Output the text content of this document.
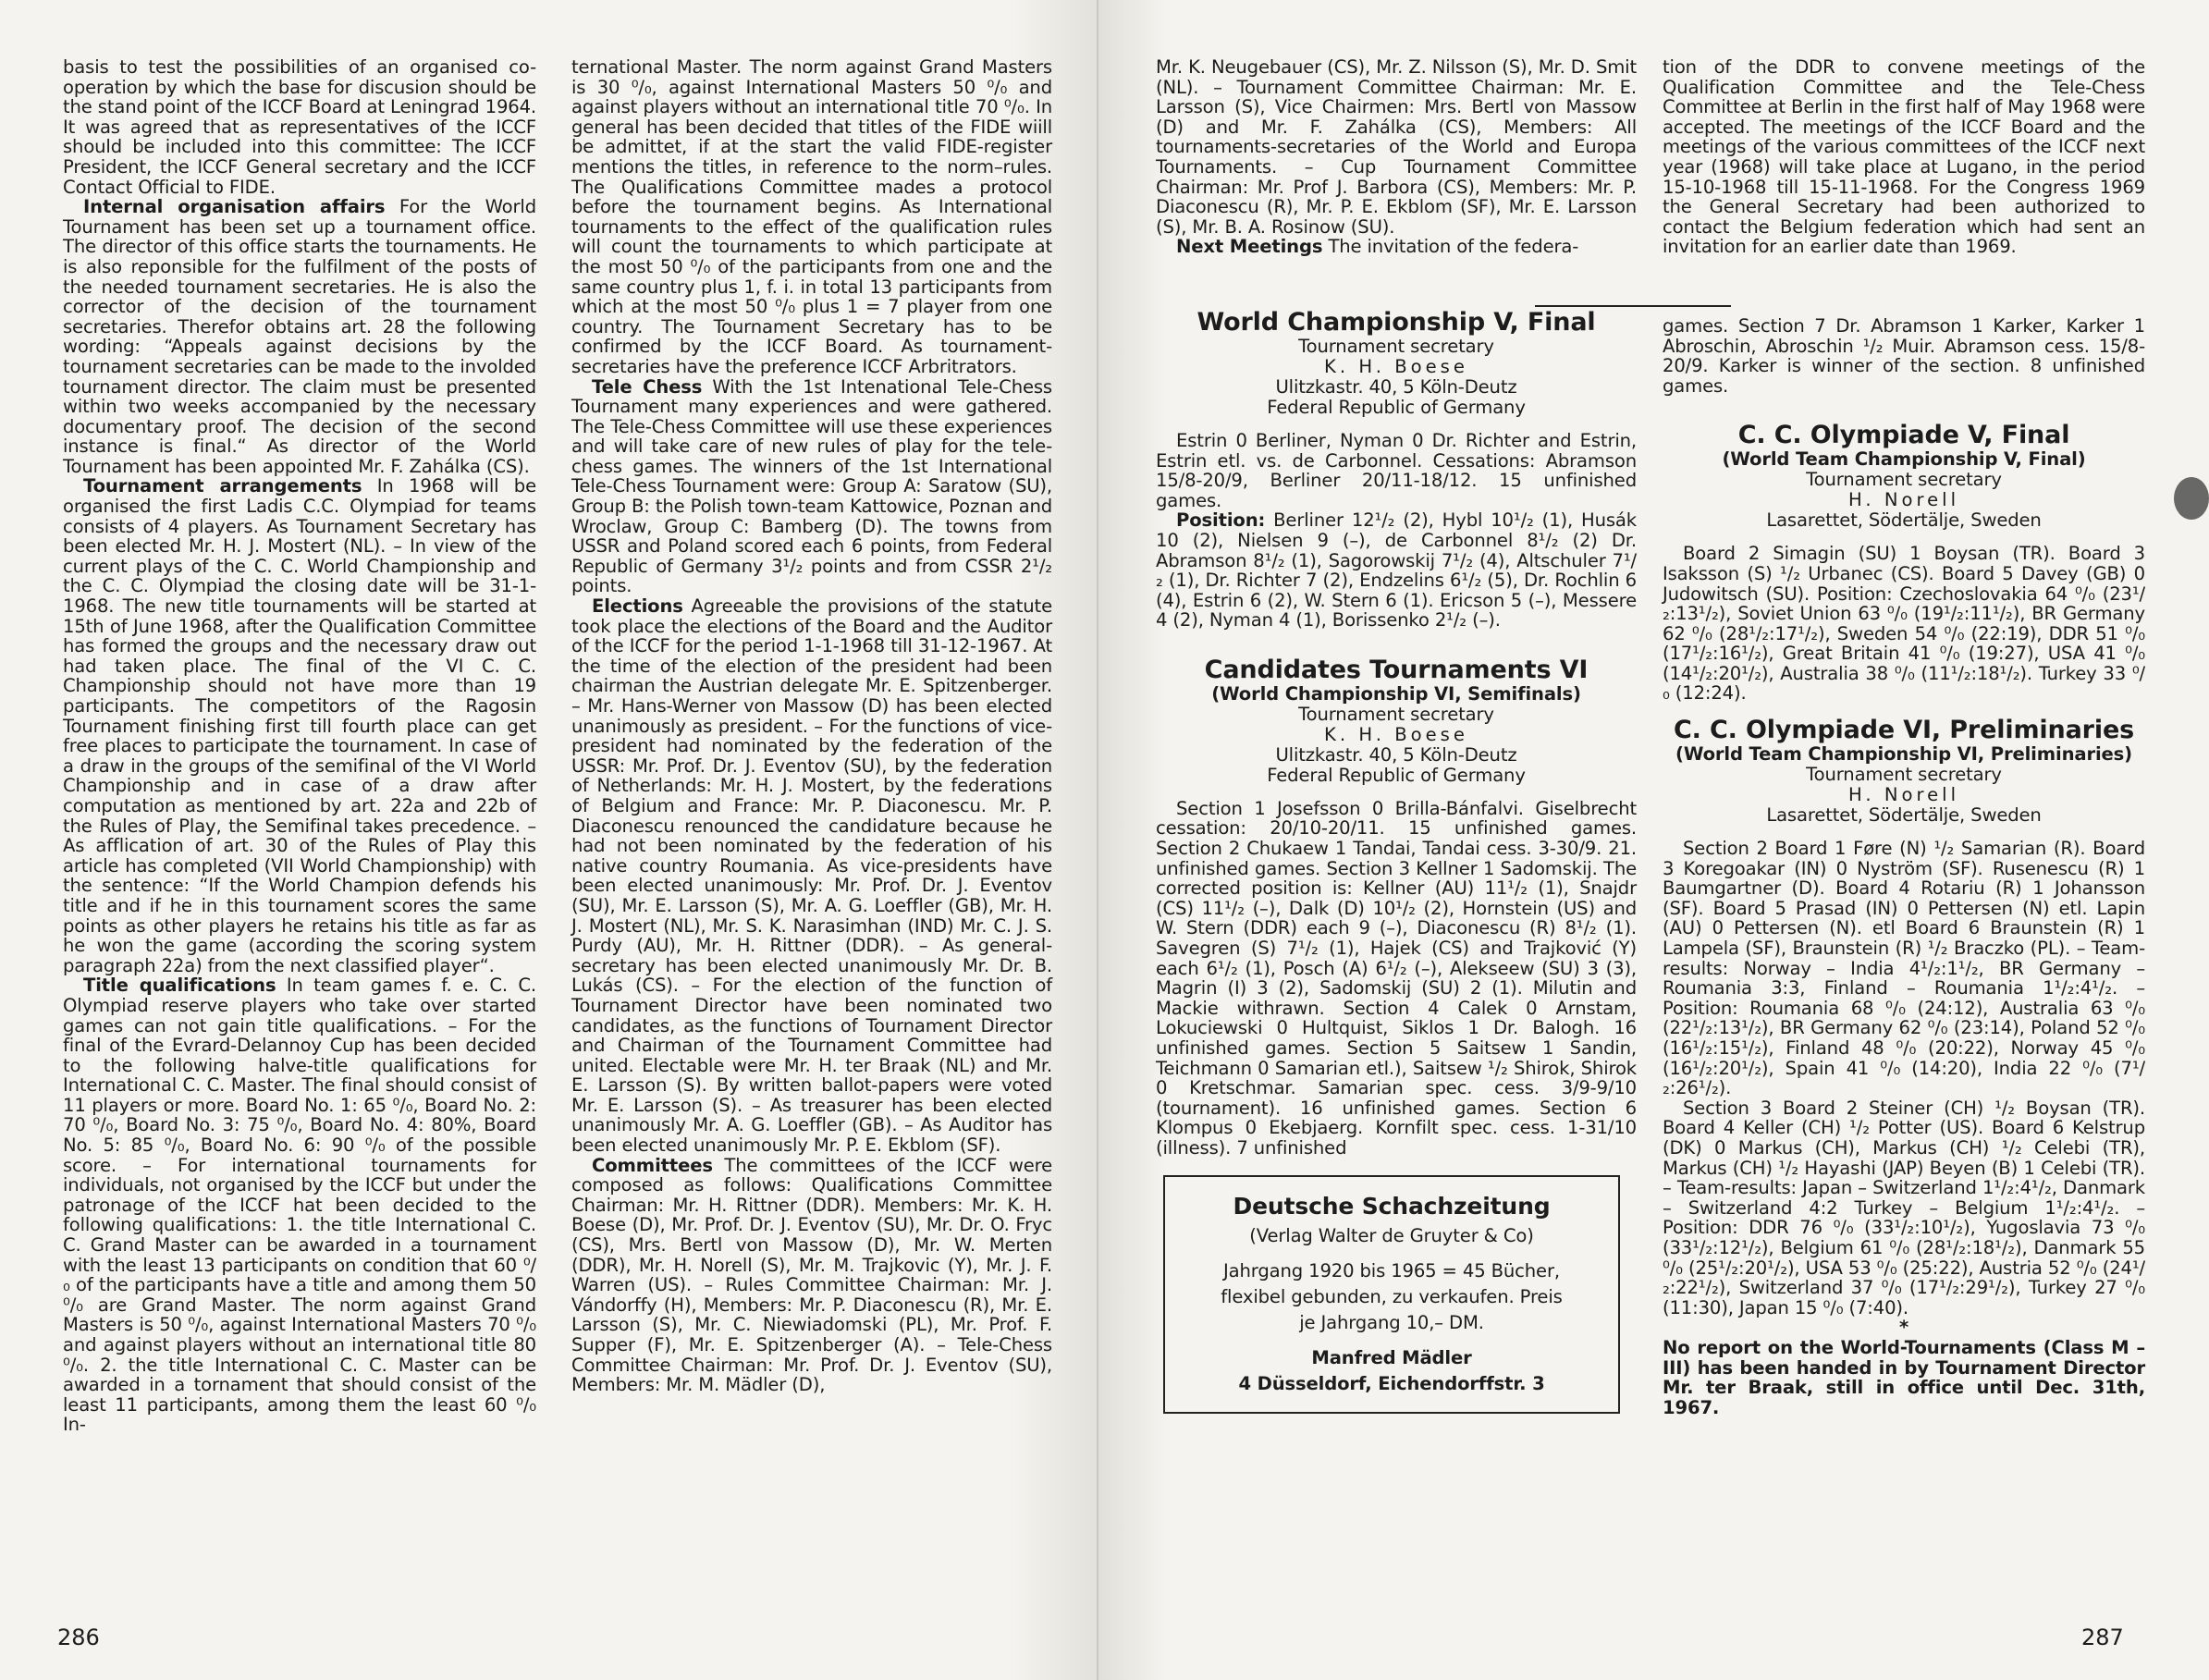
basis to test the possibilities of an organised co-operation by which the base for discusion should be the stand point of the ICCF Board at Leningrad 1964. It was agreed that as representatives of the ICCF should be included into this committee: The ICCF President, the ICCF General secretary and the ICCF Contact Official to FIDE.

Internal organisation affairs For the World Tournament has been set up a tournament office. The director of this office starts the tournaments. He is also reponsible for the fulfilment of the posts of the needed tournament secretaries. He is also the corrector of the decision of the tournament secretaries. Therefor obtains art. 28 the following wording: “Appeals against decisions by the tournament secretaries can be made to the involded tournament director. The claim must be presented within two weeks accompanied by the necessary documentary proof. The decision of the second instance is final.“ As director of the World Tournament has been appointed Mr. F. Zahálka (CS).

Tournament arrangements In 1968 will be organised the first Ladis C.C. Olympiad for teams consists of 4 players. As Tournament Secretary has been elected Mr. H. J. Mostert (NL). – In view of the current plays of the C. C. World Championship and the C. C. Olympiad the closing date will be 31-1-1968. The new title tournaments will be started at 15th of June 1968, after the Qualification Committee has formed the groups and the necessary draw out had taken place. The final of the VI C. C. Championship should not have more than 19 participants. The competitors of the Ragosin Tournament finishing first till fourth place can get free places to participate the tournament. In case of a draw in the groups of the semifinal of the VI World Championship and in case of a draw after computation as mentioned by art. 22a and 22b of the Rules of Play, the Semifinal takes precedence. – As afflication of art. 30 of the Rules of Play this article has completed (VII World Championship) with the sentence: “If the World Champion defends his title and if he in this tournament scores the same points as other players he retains his title as far as he won the game (according the scoring system paragraph 22a) from the next classified player“.

Title qualifications In team games f. e. C. C. Olympiad reserve players who take over started games can not gain title qualifications. – For the final of the Evrard-Delannoy Cup has been decided to the following halve-title qualifications for International C. C. Master. The final should consist of 11 players or more. Board No. 1: 65 ⁰/₀, Board No. 2: 70 ⁰/₀, Board No. 3: 75 ⁰/₀, Board No. 4: 80%, Board No. 5: 85 ⁰/₀, Board No. 6: 90 ⁰/₀ of the possible score. – For international tournaments for individuals, not organised by the ICCF but under the patronage of the ICCF hat been decided to the following qualifications: 1. the title International C. C. Grand Master can be awarded in a tournament with the least 13 participants on condition that 60 ⁰/₀ of the participants have a title and among them 50 ⁰/₀ are Grand Master. The norm against Grand Masters is 50 ⁰/₀, against International Masters 70 ⁰/₀ and against players without an international title 80 ⁰/₀. 2. the title International C. C. Master can be awarded in a tornament that should consist of the least 11 participants, among them the least 60 ⁰/₀ In-

ternational Master. The norm against Grand Masters is 30 ⁰/₀, against International Masters 50 ⁰/₀ and against players without an international title 70 ⁰/₀. In general has been decided that titles of the FIDE wiill be admittet, if at the start the valid FIDE-register mentions the titles, in reference to the norm–rules. The Qualifications Committee mades a protocol before the tournament begins. As International tournaments to the effect of the qualification rules will count the tournaments to which participate at the most 50 ⁰/₀ of the participants from one and the same country plus 1, f. i. in total 13 participants from which at the most 50 ⁰/₀ plus 1 = 7 player from one country. The Tournament Secretary has to be confirmed by the ICCF Board. As tournament-secretaries have the preference ICCF Arbritrators.

Tele Chess With the 1st Intenational Tele-Chess Tournament many experiences and were gathered. The Tele-Chess Committee will use these experiences and will take care of new rules of play for the tele-chess games. The winners of the 1st International Tele-Chess Tournament were: Group A: Saratow (SU), Group B: the Polish town-team Kattowice, Poznan and Wroclaw, Group C: Bamberg (D). The towns from USSR and Poland scored each 6 points, from Federal Republic of Germany 3¹/₂ points and from CSSR 2¹/₂ points.

Elections Agreeable the provisions of the statute took place the elections of the Board and the Auditor of the ICCF for the period 1-1-1968 till 31-12-1967. At the time of the election of the president had been chairman the Austrian delegate Mr. E. Spitzenberger. – Mr. Hans-Werner von Massow (D) has been elected unanimously as president. – For the functions of vice-president had nominated by the federation of the USSR: Mr. Prof. Dr. J. Eventov (SU), by the federation of Netherlands: Mr. H. J. Mostert, by the federations of Belgium and France: Mr. P. Diaconescu. Mr. P. Diaconescu renounced the candidature because he had not been nominated by the federation of his native country Roumania. As vice-presidents have been elected unanimously: Mr. Prof. Dr. J. Eventov (SU), Mr. E. Larsson (S), Mr. A. G. Loeffler (GB), Mr. H. J. Mostert (NL), Mr. S. K. Narasimhan (IND) Mr. C. J. S. Purdy (AU), Mr. H. Rittner (DDR). – As general-secretary has been elected unanimously Mr. Dr. B. Lukás (CS). – For the election of the function of Tournament Director have been nominated two candidates, as the functions of Tournament Director and Chairman of the Tournament Committee had united. Electable were Mr. H. ter Braak (NL) and Mr. E. Larsson (S). By written ballot-papers were voted Mr. E. Larsson (S). – As treasurer has been elected unanimously Mr. A. G. Loeffler (GB). – As Auditor has been elected unanimously Mr. P. E. Ekblom (SF).

Committees The committees of the ICCF were composed as follows: Qualifications Committee Chairman: Mr. H. Rittner (DDR). Members: Mr. K. H. Boese (D), Mr. Prof. Dr. J. Eventov (SU), Mr. Dr. O. Fryc (CS), Mrs. Bertl von Massow (D), Mr. W. Merten (DDR), Mr. H. Norell (S), Mr. M. Trajkovic (Y), Mr. J. F. Warren (US). – Rules Committee Chairman: Mr. J. Vándorffy (H), Members: Mr. P. Diaconescu (R), Mr. E. Larsson (S), Mr. C. Niewiadomski (PL), Mr. Prof. F. Supper (F), Mr. E. Spitzenberger (A). – Tele-Chess Committee Chairman: Mr. Prof. Dr. J. Eventov (SU), Members: Mr. M. Mädler (D),

286

Mr. K. Neugebauer (CS), Mr. Z. Nilsson (S), Mr. D. Smit (NL). – Tournament Committee Chairman: Mr. E. Larsson (S), Vice Chairmen: Mrs. Bertl von Massow (D) and Mr. F. Zahálka (CS), Members: All tournaments-secretaries of the World and Europa Tournaments. – Cup Tournament Committee Chairman: Mr. Prof J. Barbora (CS), Members: Mr. P. Diaconescu (R), Mr. P. E. Ekblom (SF), Mr. E. Larsson (S), Mr. B. A. Rosinow (SU).

Next Meetings The invitation of the federa-

World Championship V, Final

Tournament secretary

K. H. Boese

Ulitzkastr. 40, 5 Köln-Deutz

Federal Republic of Germany

Estrin 0 Berliner, Nyman 0 Dr. Richter and Estrin, Estrin etl. vs. de Carbonnel. Cessations: Abramson 15/8-20/9, Berliner 20/11-18/12. 15 unfinished games.

Position: Berliner 12¹/₂ (2), Hybl 10¹/₂ (1), Husák 10 (2), Nielsen 9 (–), de Carbonnel 8¹/₂ (2) Dr. Abramson 8¹/₂ (1), Sagorowskij 7¹/₂ (4), Altschuler 7¹/₂ (1), Dr. Richter 7 (2), Endzelins 6¹/₂ (5), Dr. Rochlin 6 (4), Estrin 6 (2), W. Stern 6 (1). Ericson 5 (–), Messere 4 (2), Nyman 4 (1), Borissenko 2¹/₂ (–).

Candidates Tournaments VI

(World Championship VI, Semifinals)

Tournament secretary

K. H. Boese

Ulitzkastr. 40, 5 Köln-Deutz

Federal Republic of Germany

Section 1 Josefsson 0 Brilla-Bánfalvi. Giselbrecht cessation: 20/10-20/11. 15 unfinished games. Section 2 Chukaew 1 Tandai, Tandai cess. 3-30/9. 21. unfinished games. Section 3 Kellner 1 Sadomskij. The corrected position is: Kellner (AU) 11¹/₂ (1), Snajdr (CS) 11¹/₂ (–), Dalk (D) 10¹/₂ (2), Hornstein (US) and W. Stern (DDR) each 9 (–), Diaconescu (R) 8¹/₂ (1). Savegren (S) 7¹/₂ (1), Hajek (CS) and Trajković (Y) each 6¹/₂ (1), Posch (A) 6¹/₂ (–), Alekseew (SU) 3 (3), Magrin (I) 3 (2), Sadomskij (SU) 2 (1). Milutin and Mackie withrawn. Section 4 Calek 0 Arnstam, Lokuciewski 0 Hultquist, Siklos 1 Dr. Balogh. 16 unfinished games. Section 5 Saitsew 1 Sandin, Teichmann 0 Samarian etl.), Saitsew ¹/₂ Shirok, Shirok 0 Kretschmar. Samarian spec. cess. 3/9-9/10 (tournament). 16 unfinished games. Section 6 Klompus 0 Ekebjaerg. Kornfilt spec. cess. 1-31/10 (illness). 7 unfinished

Deutsche Schachzeitung
(Verlag Walter de Gruyter & Co)
Jahrgang 1920 bis 1965 = 45 Bücher,
flexibel gebunden, zu verkaufen. Preis
je Jahrgang 10,– DM.
Manfred Mädler
4 Düsseldorf, Eichendorffstr. 3

tion of the DDR to convene meetings of the Qualification Committee and the Tele-Chess Committee at Berlin in the first half of May 1968 were accepted. The meetings of the ICCF Board and the meetings of the various committees of the ICCF next year (1968) will take place at Lugano, in the period 15-10-1968 till 15-11-1968. For the Congress 1969 the General Secretary had been authorized to contact the Belgium federation which had sent an invitation for an earlier date than 1969.

games. Section 7 Dr. Abramson 1 Karker, Karker 1 Abroschin, Abroschin ¹/₂ Muir. Abramson cess. 15/8-20/9. Karker is winner of the section. 8 unfinished games.

C. C. Olympiade V, Final

(World Team Championship V, Final)

Tournament secretary

H. Norell

Lasarettet, Södertälje, Sweden

Board 2 Simagin (SU) 1 Boysan (TR). Board 3 Isaksson (S) ¹/₂ Urbanec (CS). Board 5 Davey (GB) 0 Judowitsch (SU). Position: Czechoslovakia 64 ⁰/₀ (23¹/₂:13¹/₂), Soviet Union 63 ⁰/₀ (19¹/₂:11¹/₂), BR Germany 62 ⁰/₀ (28¹/₂:17¹/₂), Sweden 54 ⁰/₀ (22:19), DDR 51 ⁰/₀ (17¹/₂:16¹/₂), Great Britain 41 ⁰/₀ (19:27), USA 41 ⁰/₀ (14¹/₂:20¹/₂), Australia 38 ⁰/₀ (11¹/₂:18¹/₂). Turkey 33 ⁰/₀ (12:24).

C. C. Olympiade VI, Preliminaries

(World Team Championship VI, Preliminaries)

Tournament secretary

H. Norell

Lasarettet, Södertälje, Sweden

Section 2 Board 1 Føre (N) ¹/₂ Samarian (R). Board 3 Koregoakar (IN) 0 Nyström (SF). Rusenescu (R) 1 Baumgartner (D). Board 4 Rotariu (R) 1 Johansson (SF). Board 5 Prasad (IN) 0 Pettersen (N) etl. Lapin (AU) 0 Pettersen (N). etl Board 6 Braunstein (R) 1 Lampela (SF), Braunstein (R) ¹/₂ Braczko (PL). – Team-results: Norway – India 4¹/₂:1¹/₂, BR Germany – Roumania 3:3, Finland – Roumania 1¹/₂:4¹/₂. – Position: Roumania 68 ⁰/₀ (24:12), Australia 63 ⁰/₀ (22¹/₂:13¹/₂), BR Germany 62 ⁰/₀ (23:14), Poland 52 ⁰/₀ (16¹/₂:15¹/₂), Finland 48 ⁰/₀ (20:22), Norway 45 ⁰/₀ (16¹/₂:20¹/₂), Spain 41 ⁰/₀ (14:20), India 22 ⁰/₀ (7¹/₂:26¹/₂).

Section 3 Board 2 Steiner (CH) ¹/₂ Boysan (TR). Board 4 Keller (CH) ¹/₂ Potter (US). Board 6 Kelstrup (DK) 0 Markus (CH), Markus (CH) ¹/₂ Celebi (TR), Markus (CH) ¹/₂ Hayashi (JAP) Beyen (B) 1 Celebi (TR). – Team-results: Japan – Switzerland 1¹/₂:4¹/₂, Danmark – Switzerland 4:2 Turkey – Belgium 1¹/₂:4¹/₂. – Position: DDR 76 ⁰/₀ (33¹/₂:10¹/₂), Yugoslavia 73 ⁰/₀ (33¹/₂:12¹/₂), Belgium 61 ⁰/₀ (28¹/₂:18¹/₂), Danmark 55 ⁰/₀ (25¹/₂:20¹/₂), USA 53 ⁰/₀ (25:22), Austria 52 ⁰/₀ (24¹/₂:22¹/₂), Switzerland 37 ⁰/₀ (17¹/₂:29¹/₂), Turkey 27 ⁰/₀ (11:30), Japan 15 ⁰/₀ (7:40).

*

No report on the World-Tournaments (Class M – III) has been handed in by Tournament Director Mr. ter Braak, still in office until Dec. 31th, 1967.

287
